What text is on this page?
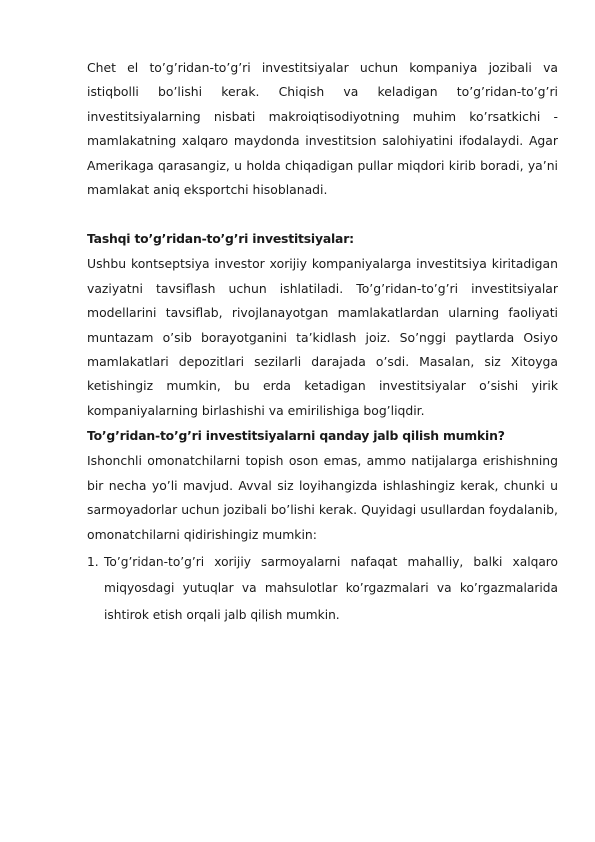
Chet el to’g’ridan-to’g’ri investitsiyalar uchun kompaniya jozibali va istiqbolli bo’lishi kerak. Chiqish va keladigan to’g’ridan-to’g’ri investitsiyalarning nisbati makroiqtisodiyotning muhim ko’rsatkichi - mamlakatning xalqaro maydonda investitsion salohiyatini ifodalaydi. Agar Amerikaga qarasangiz, u holda chiqadigan pullar miqdori kirib boradi, ya’ni mamlakat aniq eksportchi hisoblanadi.

Tashqi to’g’ridan-to’g’ri investitsiyalar:

Ushbu kontseptsiya investor xorijiy kompaniyalarga investitsiya kiritadigan vaziyatni tavsiflash uchun ishlatiladi. To’g’ridan-to’g’ri investitsiyalar modellarini tavsiflab, rivojlanayotgan mamlakatlardan ularning faoliyati muntazam o’sib borayotganini ta’kidlash joiz. So’nggi paytlarda Osiyo mamlakatlari depozitlari sezilarli darajada o’sdi. Masalan, siz Xitoyga ketishingiz mumkin, bu erda ketadigan investitsiyalar o’sishi yirik kompaniyalarning birlashishi va emirilishiga bog’liqdir.

To’g’ridan-to’g’ri investitsiyalarni qanday jalb qilish mumkin?

Ishonchli omonatchilarni topish oson emas, ammo natijalarga erishishning bir necha yo’li mavjud. Avval siz loyihangizda ishlashingiz kerak, chunki u sarmoyadorlar uchun jozibali bo’lishi kerak. Quyidagi usullardan foydalanib, omonatchilarni qidirishingiz mumkin:

1. To’g’ridan-to’g’ri xorijiy sarmoyalarni nafaqat mahalliy, balki xalqaro miqyosdagi yutuqlar va mahsulotlar ko’rgazmalari va ko’rgazmalarida ishtirok etish orqali jalb qilish mumkin.
